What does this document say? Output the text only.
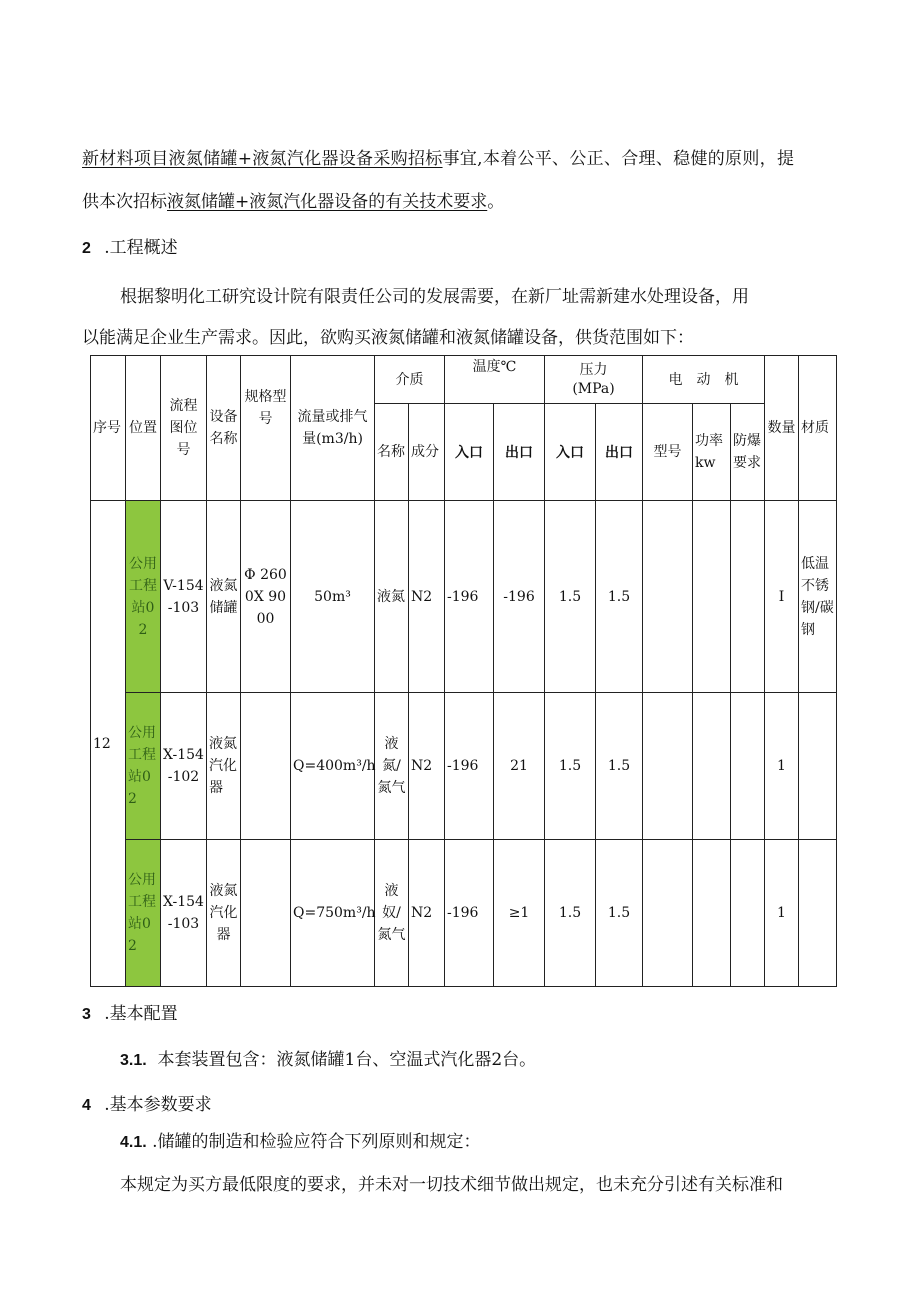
新材料项目液氮储罐+液氮汽化器设备采购招标事宜,本着公平、公正、合理、稳健的原则，提
供本次招标液氮储罐+液氮汽化器设备的有关技术要求。
2 .工程概述
根据黎明化工研究设计院有限责任公司的发展需要，在新厂址需新建水处理设备，用
以能满足企业生产需求。因此，欲购买液氮储罐和液氮储罐设备，供货范围如下：
序号	位置	流程图位号	设备名称	规格型号	流量或排气量(m3/h)	介质		温度℃		压力
(MPa)		电　动　机			数量	材质
						名称	成分	入口	出口	入口	出口	型号	功率kw	防爆要求		
12	公用工程站02	V-154-103	液氮储罐	Φ 2600X 9000	50m³	液氮	N2	-196	-196	1.5	1.5				I	低温不锈钢/碳钢
	公用工程站02	X-154-102	液氮汽化器		Q=400m³/h	液氮/氮气	N2	-196	21	1.5	1.5				1	
	公用工程站02	X-154-103	液氮汽化器		Q=750m³/h	液奴/氮气	N2	-196	≥1	1.5	1.5				1	
3 .基本配置
3.1. 本套装置包含：液氮储罐1台、空温式汽化器2台。
4 .基本参数要求
4.1. .储罐的制造和检验应符合下列原则和规定：
本规定为买方最低限度的要求，并未对一切技术细节做出规定，也未充分引述有关标准和
